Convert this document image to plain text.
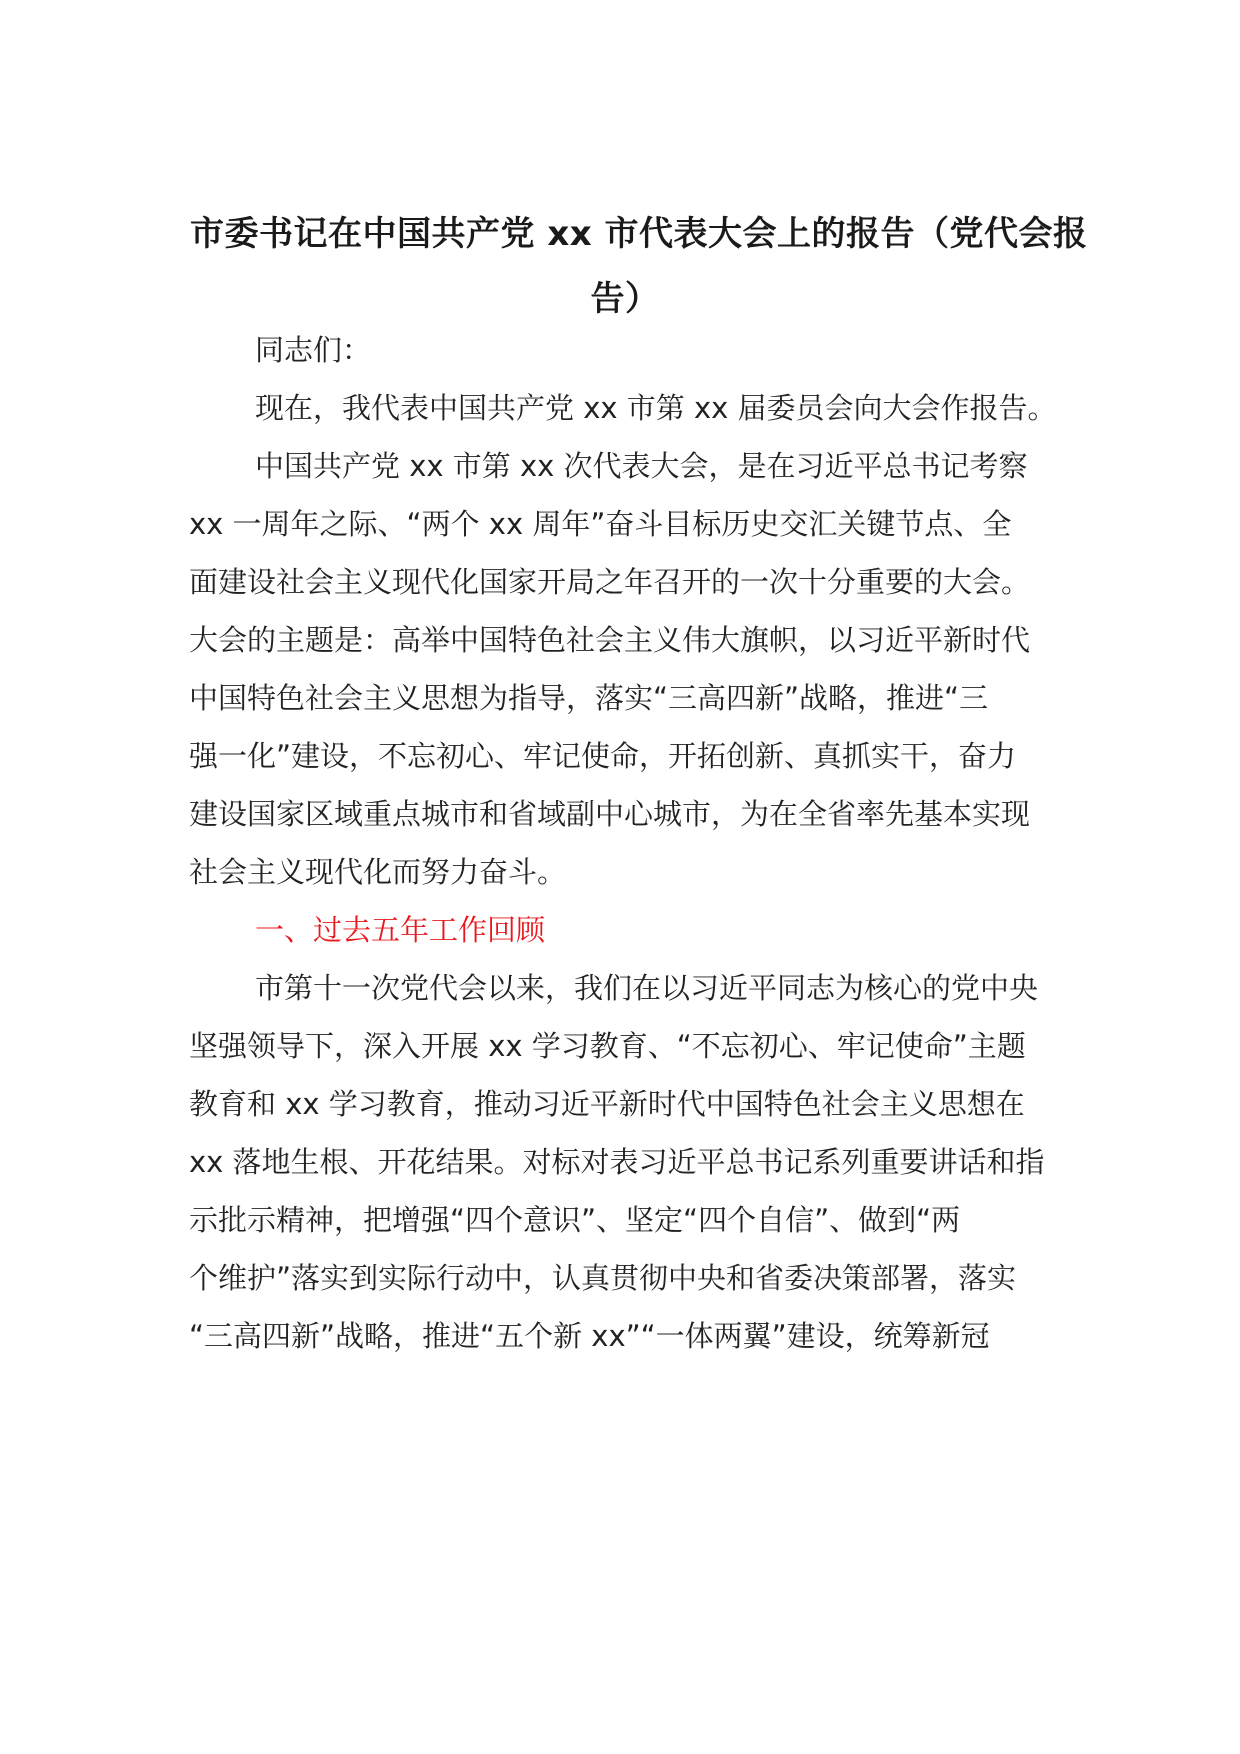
市委书记在中国共产党 xx 市代表大会上的报告（党代会报
告）
同志们：
现在，我代表中国共产党 xx 市第 xx 届委员会向大会作报告。
中国共产党 xx 市第 xx 次代表大会，是在习近平总书记考察
xx 一周年之际、“两个 xx 周年”奋斗目标历史交汇关键节点、全
面建设社会主义现代化国家开局之年召开的一次十分重要的大会。
大会的主题是：高举中国特色社会主义伟大旗帜，以习近平新时代
中国特色社会主义思想为指导，落实“三高四新”战略，推进“三
强一化”建设，不忘初心、牢记使命，开拓创新、真抓实干，奋力
建设国家区域重点城市和省域副中心城市，为在全省率先基本实现
社会主义现代化而努力奋斗。
一、过去五年工作回顾
市第十一次党代会以来，我们在以习近平同志为核心的党中央
坚强领导下，深入开展 xx 学习教育、“不忘初心、牢记使命”主题
教育和 xx 学习教育，推动习近平新时代中国特色社会主义思想在
xx 落地生根、开花结果。对标对表习近平总书记系列重要讲话和指
示批示精神，把增强“四个意识”、坚定“四个自信”、做到“两
个维护”落实到实际行动中，认真贯彻中央和省委决策部署，落实
“三高四新”战略，推进“五个新 xx”“一体两翼”建设，统筹新冠
